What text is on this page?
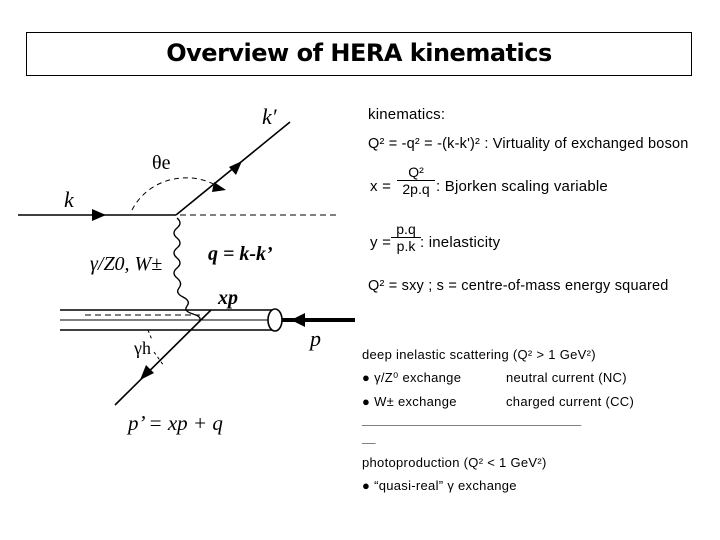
Overview of HERA kinematics
k′
θe
k
γ/Z0, W± q = k-k’
xp
p
γh
p’ = xp + q
kinematics:
Q² = -q² = -(k-k')² : Virtuality of exchanged boson
$x = \frac{\text{Q²}}{2p.q}$ : Bjorken scaling variable
$y = \frac{p.q}{p.k}$ : inelasticity
Q² = sxy ; s = centre-of-mass energy squared
deep inelastic scattering (Q² > 1 GeV²)
● γ/Z⁰ exchange	neutral current (NC)
● W± exchange	charged current (CC)
___________________________________
__
photoproduction (Q² < 1 GeV²)
● “quasi-real” γ exchange
